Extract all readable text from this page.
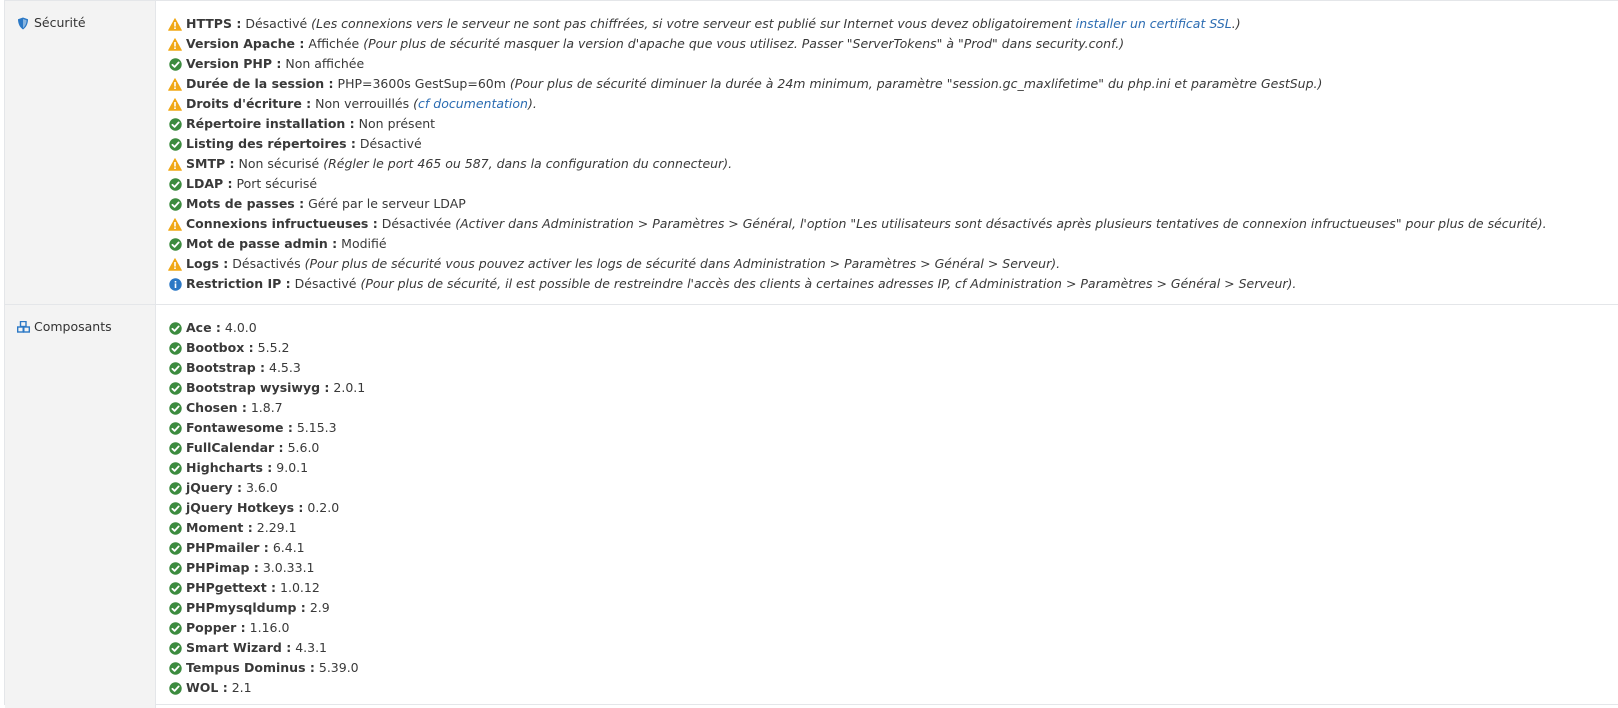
Sécurité	HTTPS : Désactivé (Les connexions vers le serveur ne sont pas chiffrées, si votre serveur est publié sur Internet vous devez obligatoirement installer un certificat SSL.)
Version Apache : Affichée (Pour plus de sécurité masquer la version d'apache que vous utilisez. Passer "ServerTokens" à "Prod" dans security.conf.)
Version PHP : Non affichée
Durée de la session : PHP=3600s GestSup=60m (Pour plus de sécurité diminuer la durée à 24m minimum, paramètre "session.gc_maxlifetime" du php.ini et paramètre GestSup.)
Droits d'écriture : Non verrouillés (cf documentation).
Répertoire installation : Non présent
Listing des répertoires : Désactivé
SMTP : Non sécurisé (Régler le port 465 ou 587, dans la configuration du connecteur).
LDAP : Port sécurisé
Mots de passes : Géré par le serveur LDAP
Connexions infructueuses : Désactivée (Activer dans Administration > Paramètres > Général, l'option "Les utilisateurs sont désactivés après plusieurs tentatives de connexion infructueuses" pour plus de sécurité).
Mot de passe admin : Modifié
Logs : Désactivés (Pour plus de sécurité vous pouvez activer les logs de sécurité dans Administration > Paramètres > Général > Serveur).
Restriction IP : Désactivé (Pour plus de sécurité, il est possible de restreindre l'accès des clients à certaines adresses IP, cf Administration > Paramètres > Général > Serveur).
Composants	Ace : 4.0.0
Bootbox : 5.5.2
Bootstrap : 4.5.3
Bootstrap wysiwyg : 2.0.1
Chosen : 1.8.7
Fontawesome : 5.15.3
FullCalendar : 5.6.0
Highcharts : 9.0.1
jQuery : 3.6.0
jQuery Hotkeys : 0.2.0
Moment : 2.29.1
PHPmailer : 6.4.1
PHPimap : 3.0.33.1
PHPgettext : 1.0.12
PHPmysqldump : 2.9
Popper : 1.16.0
Smart Wizard : 4.3.1
Tempus Dominus : 5.39.0
WOL : 2.1
